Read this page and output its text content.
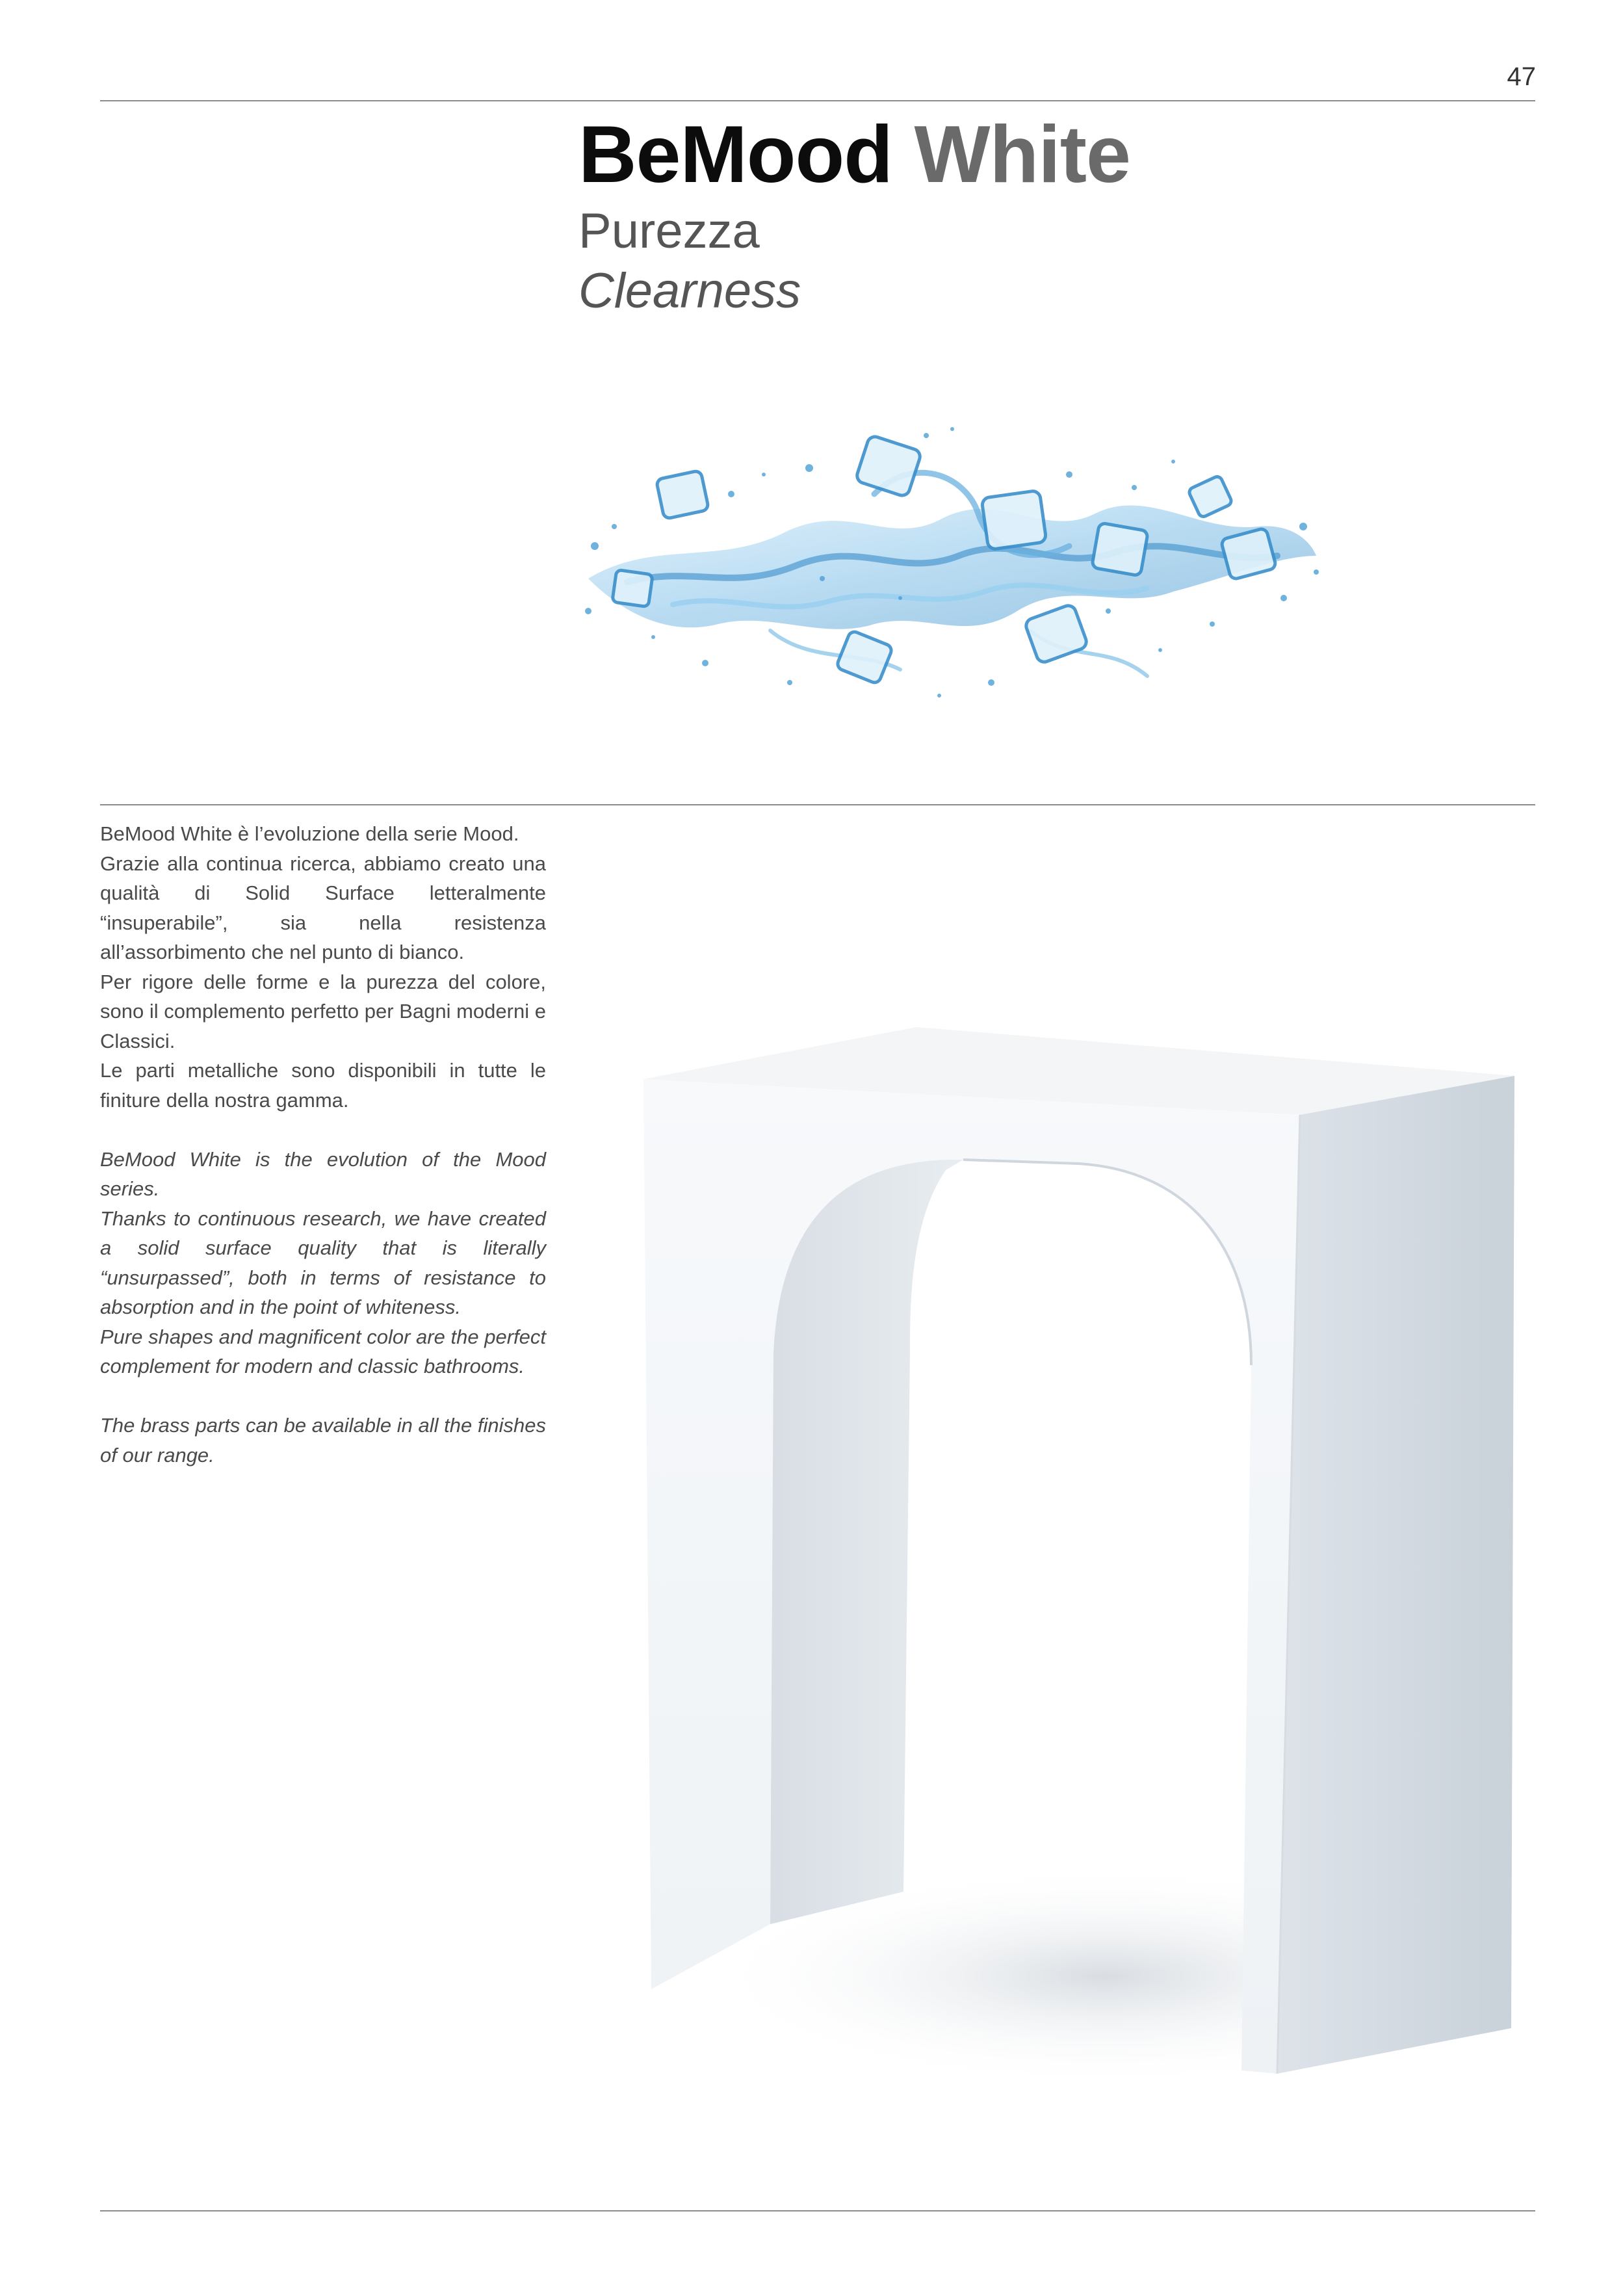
47
BeMood White
Purezza
Clearness

BeMood White è l’evoluzione della serie Mood.

Grazie alla continua ricerca, abbiamo creato una qualità di Solid Surface letteralmente “insuperabile”, sia nella resistenza all’assorbimento che nel punto di bianco.

Per rigore delle forme e la purezza del colore, sono il complemento perfetto per Bagni moderni e Classici.

Le parti metalliche sono disponibili in tutte le finiture della nostra gamma.

BeMood White is the evolution of the Mood series.

Thanks to continuous research, we have created a solid surface quality that is literally “unsurpassed”, both in terms of resistance to absorption and in the point of whiteness.

Pure shapes and magnificent color are the perfect complement for modern and classic bathrooms.

The brass parts can be available in all the finishes of our range.
